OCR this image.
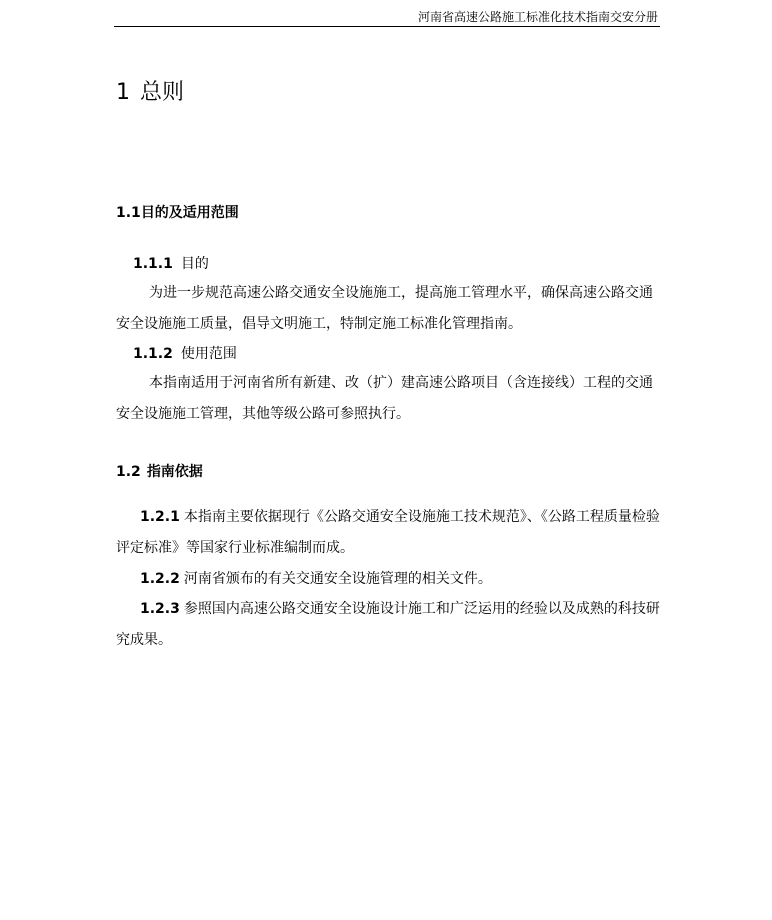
河南省高速公路施工标准化技术指南交安分册
1 总则
1.1目的及适用范围
1.1.1 目的

为进一步规范高速公路交通安全设施施工，提高施工管理水平，确保高速公路交通安全设施施工质量，倡导文明施工，特制定施工标准化管理指南。

1.1.2 使用范围

本指南适用于河南省所有新建、改（扩）建高速公路项目（含连接线）工程的交通安全设施施工管理，其他等级公路可参照执行。

1.2 指南依据

1.2.1 本指南主要依据现行《公路交通安全设施施工技术规范》、《公路工程质量检验评定标准》等国家行业标准编制而成。

1.2.2 河南省颁布的有关交通安全设施管理的相关文件。

1.2.3 参照国内高速公路交通安全设施设计施工和广泛运用的经验以及成熟的科技研究成果。
